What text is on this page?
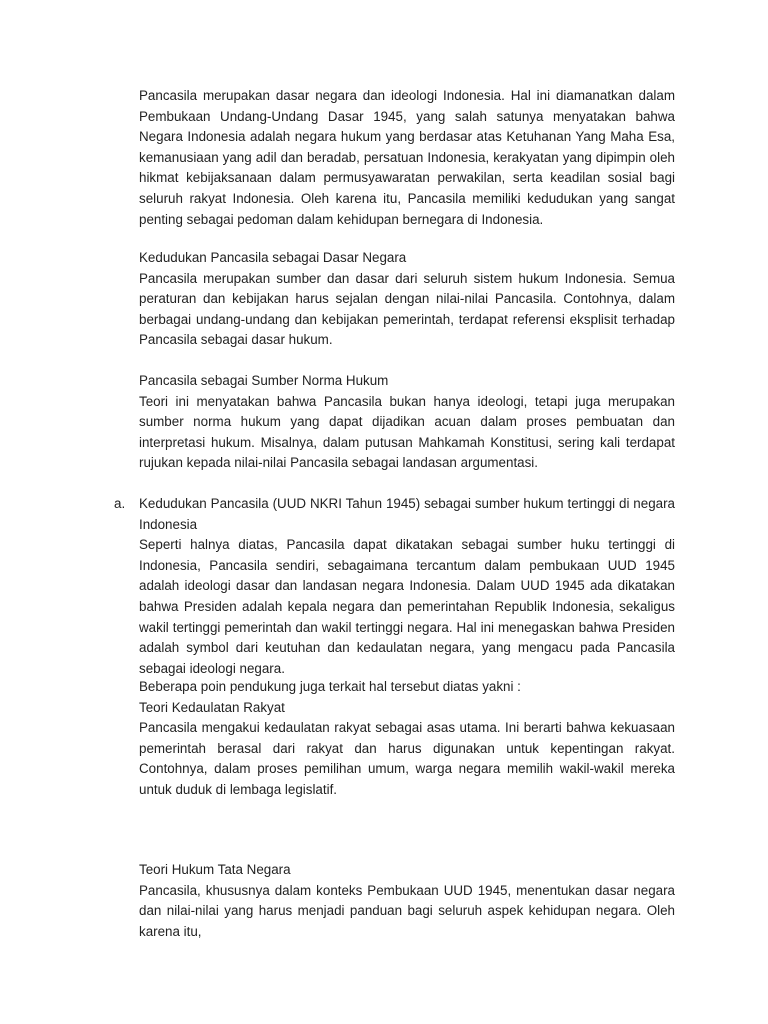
Pancasila merupakan dasar negara dan ideologi Indonesia. Hal ini diamanatkan dalam Pembukaan Undang-Undang Dasar 1945, yang salah satunya menyatakan bahwa Negara Indonesia adalah negara hukum yang berdasar atas Ketuhanan Yang Maha Esa, kemanusiaan yang adil dan beradab, persatuan Indonesia, kerakyatan yang dipimpin oleh hikmat kebijaksanaan dalam permusyawaratan perwakilan, serta keadilan sosial bagi seluruh rakyat Indonesia. Oleh karena itu, Pancasila memiliki kedudukan yang sangat penting sebagai pedoman dalam kehidupan bernegara di Indonesia.

Kedudukan Pancasila sebagai Dasar Negara

Pancasila merupakan sumber dan dasar dari seluruh sistem hukum Indonesia. Semua peraturan dan kebijakan harus sejalan dengan nilai-nilai Pancasila. Contohnya, dalam berbagai undang-undang dan kebijakan pemerintah, terdapat referensi eksplisit terhadap Pancasila sebagai dasar hukum.

Pancasila sebagai Sumber Norma Hukum

Teori ini menyatakan bahwa Pancasila bukan hanya ideologi, tetapi juga merupakan sumber norma hukum yang dapat dijadikan acuan dalam proses pembuatan dan interpretasi hukum. Misalnya, dalam putusan Mahkamah Konstitusi, sering kali terdapat rujukan kepada nilai-nilai Pancasila sebagai landasan argumentasi.

a. Kedudukan Pancasila (UUD NKRI Tahun 1945) sebagai sumber hukum tertinggi di negara Indonesia

Seperti halnya diatas, Pancasila dapat dikatakan sebagai sumber huku tertinggi di Indonesia, Pancasila sendiri, sebagaimana tercantum dalam pembukaan UUD 1945 adalah ideologi dasar dan landasan negara Indonesia. Dalam UUD 1945 ada dikatakan bahwa Presiden adalah kepala negara dan pemerintahan Republik Indonesia, sekaligus wakil tertinggi pemerintah dan wakil tertinggi negara. Hal ini menegaskan bahwa Presiden adalah symbol dari keutuhan dan kedaulatan negara, yang mengacu pada Pancasila sebagai ideologi negara.

Beberapa poin pendukung juga terkait hal tersebut diatas yakni :

Teori Kedaulatan Rakyat

Pancasila mengakui kedaulatan rakyat sebagai asas utama. Ini berarti bahwa kekuasaan pemerintah berasal dari rakyat dan harus digunakan untuk kepentingan rakyat. Contohnya, dalam proses pemilihan umum, warga negara memilih wakil-wakil mereka untuk duduk di lembaga legislatif.

Teori Hukum Tata Negara

Pancasila, khususnya dalam konteks Pembukaan UUD 1945, menentukan dasar negara dan nilai-nilai yang harus menjadi panduan bagi seluruh aspek kehidupan negara. Oleh karena itu,
